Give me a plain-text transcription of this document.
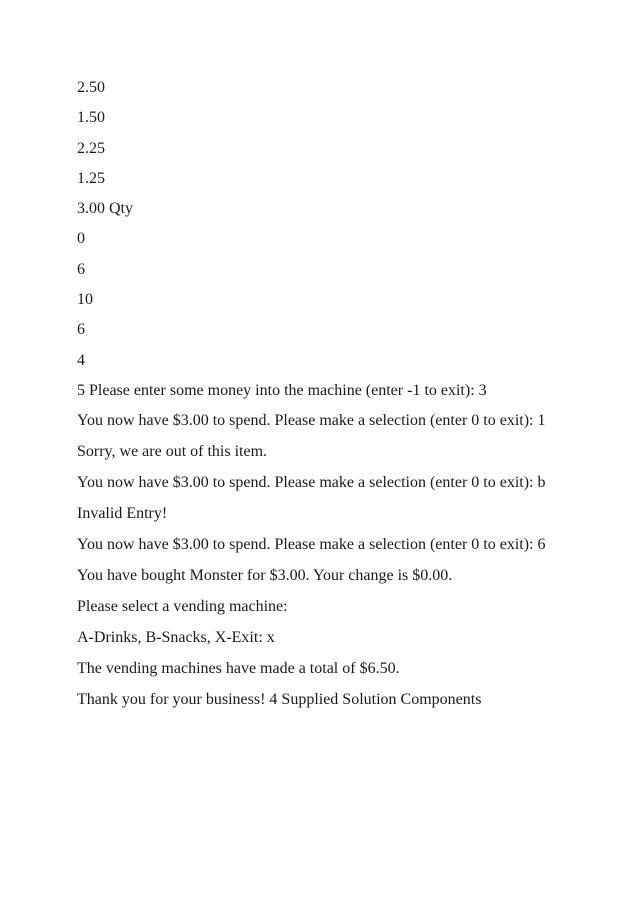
2.50
1.50
2.25
1.25
3.00 Qty
0
6
10
6
4
5 Please enter some money into the machine (enter -1 to exit): 3
You now have $3.00 to spend. Please make a selection (enter 0 to exit): 1
Sorry, we are out of this item.
You now have $3.00 to spend. Please make a selection (enter 0 to exit): b
Invalid Entry!
You now have $3.00 to spend. Please make a selection (enter 0 to exit): 6
You have bought Monster for $3.00. Your change is $0.00.
Please select a vending machine:
A-Drinks, B-Snacks, X-Exit: x
The vending machines have made a total of $6.50.
Thank you for your business! 4 Supplied Solution Components
